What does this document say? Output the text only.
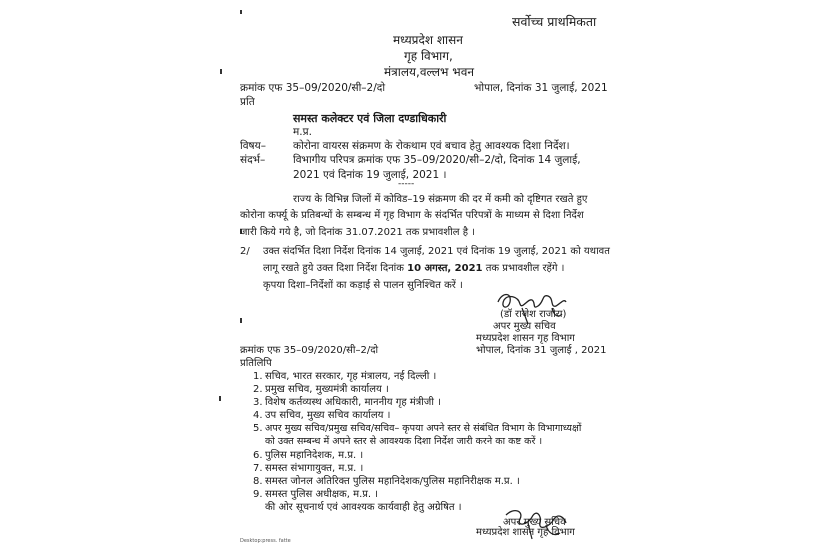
सर्वोच्च प्राथमिकता
मध्यप्रदेश शासन
गृह विभाग,
मंत्रालय,वल्लभ भवन
क्रमांक एफ 35–09/2020/सी–2/दो	भोपाल, दिनांक 31 जुलाई, 2021
प्रति
समस्त कलेक्टर एवं जिला दण्डाधिकारी
म.प्र.
विषय–	कोरोना वायरस संक्रमण के रोकथाम एवं बचाव हेतु आवश्यक दिशा निर्देश।
संदर्भ–	विभागीय परिपत्र क्रमांक एफ 35–09/2020/सी–2/दो, दिनांक 14 जुलाई,
2021 एवं दिनांक 19 जुलाई, 2021 ।
-----
राज्य के विभिन्न जिलों में कोविड–19 संक्रमण की दर में कमी को दृष्टिगत रखते हुए
कोरोना कर्फ्यू के प्रतिबन्धों के सम्बन्ध में गृह विभाग के संदर्भित परिपत्रों के माध्यम से दिशा निर्देश
जारी किये गये है, जो दिनांक 31.07.2021 तक प्रभावशील है ।
2/ उक्त संदर्भित दिशा निर्देश दिनांक 14 जुलाई, 2021 एवं दिनांक 19 जुलाई, 2021 को यथावत
लागू रखते हुये उक्त दिशा निर्देश दिनांक 10 अगस्त, 2021 तक प्रभावशील रहेंगे ।
कृपया दिशा–निर्देशों का कड़ाई से पालन सुनिश्चित करें ।
(डॉ राजेश राजौरा)
अपर मुख्य सचिव
मध्यप्रदेश शासन गृह विभाग
क्रमांक एफ 35–09/2020/सी–2/दो	भोपाल, दिनांक 31 जुलाई , 2021
प्रतिलिपि
1. सचिव, भारत सरकार, गृह मंत्रालय, नई दिल्ली ।
2. प्रमुख सचिव, मुख्यमंत्री कार्यालय ।
3. विशेष कर्तव्यस्थ अधिकारी, माननीय गृह मंत्रीजी ।
4. उप सचिव, मुख्य सचिव कार्यालय ।
5. अपर मुख्य सचिव/प्रमुख सचिव/सचिव– कृपया अपने स्तर से संबंधित विभाग के विभागाध्यक्षों
को उक्त सम्बन्ध में अपने स्तर से आवश्यक दिशा निर्देश जारी करने का कष्ट करें ।
6. पुलिस महानिदेशक, म.प्र. ।
7. समस्त संभागायुक्त, म.प्र. ।
8. समस्त जोनल अतिरिक्त पुलिस महानिदेशक/पुलिस महानिरीक्षक म.प्र. ।
9. समस्त पुलिस अधीक्षक, म.प्र. ।
की ओर सूचनार्थ एवं आवश्यक कार्यवाही हेतु अग्रेषित ।
अपर मुख्य सचिव
मध्यप्रदेश शासन गृह विभाग
Desktop:press. fatte
